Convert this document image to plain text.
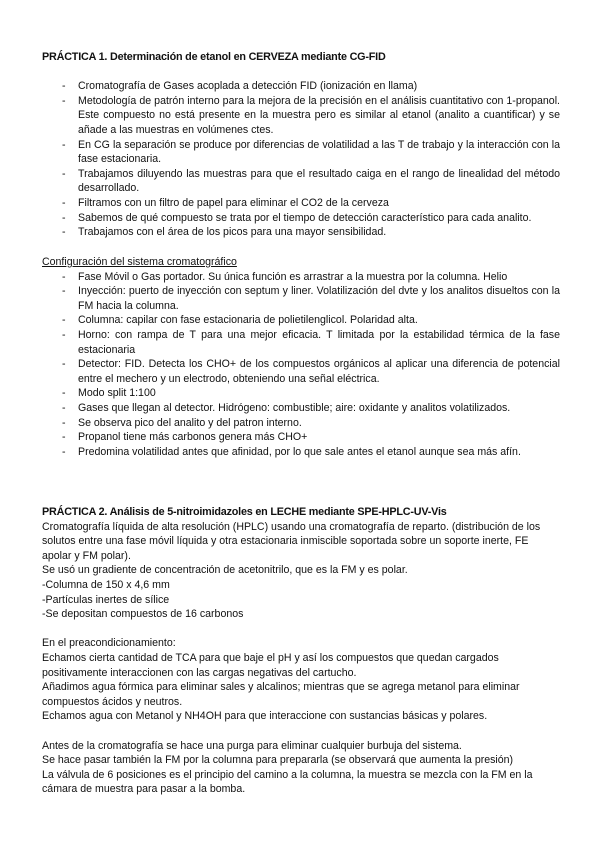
PRÁCTICA 1. Determinación de etanol en CERVEZA mediante CG-FID
- Cromatografía de Gases acoplada a detección FID (ionización en llama)
- Metodología de patrón interno para la mejora de la precisión en el análisis cuantitativo con 1-propanol. Este compuesto no está presente en la muestra pero es similar al etanol (analito a cuantificar) y se añade a las muestras en volúmenes ctes.
- En CG la separación se produce por diferencias de volatilidad a las T de trabajo y la interacción con la fase estacionaria.
- Trabajamos diluyendo las muestras para que el resultado caiga en el rango de linealidad del método desarrollado.
- Filtramos con un filtro de papel para eliminar el CO2 de la cerveza
- Sabemos de qué compuesto se trata por el tiempo de detección característico para cada analito.
- Trabajamos con el área de los picos para una mayor sensibilidad.

Configuración del sistema cromatográfico

- Fase Móvil o Gas portador. Su única función es arrastrar a la muestra por la columna. Helio
- Inyección: puerto de inyección con septum y liner. Volatilización del dvte y los analitos disueltos con la FM hacia la columna.
- Columna: capilar con fase estacionaria de polietilenglicol. Polaridad alta.
- Horno: con rampa de T para una mejor eficacia. T limitada por la estabilidad térmica de la fase estacionaria
- Detector: FID. Detecta los CHO+ de los compuestos orgánicos al aplicar una diferencia de potencial entre el mechero y un electrodo, obteniendo una señal eléctrica.
- Modo split 1:100
- Gases que llegan al detector. Hidrógeno: combustible; aire: oxidante y analitos volatilizados.
- Se observa pico del analito y del patron interno.
- Propanol tiene más carbonos genera más CHO+
- Predomina volatilidad antes que afinidad, por lo que sale antes el etanol aunque sea más afín.
PRÁCTICA 2. Análisis de 5-nitroimidazoles en LECHE mediante SPE-HPLC-UV-Vis

Cromatografía líquida de alta resolución (HPLC) usando una cromatografía de reparto. (distribución de los solutos entre una fase móvil líquida y otra estacionaria inmiscible soportada sobre un soporte inerte, FE apolar y FM polar).

Se usó un gradiente de concentración de acetonitrilo, que es la FM y es polar.

-Columna de 150 x 4,6 mm

-Partículas inertes de sílice

-Se depositan compuestos de 16 carbonos

En el preacondicionamiento:

Echamos cierta cantidad de TCA para que baje el pH y así los compuestos que quedan cargados positivamente interaccionen con las cargas negativas del cartucho.

Añadimos agua fórmica para eliminar sales y alcalinos; mientras que se agrega metanol para eliminar compuestos ácidos y neutros.

Echamos agua con Metanol y NH4OH para que interaccione con sustancias básicas y polares.

Antes de la cromatografía se hace una purga para eliminar cualquier burbuja del sistema.

Se hace pasar también la FM por la columna para prepararla (se observará que aumenta la presión)

La válvula de 6 posiciones es el principio del camino a la columna, la muestra se mezcla con la FM en la cámara de muestra para pasar a la bomba.
